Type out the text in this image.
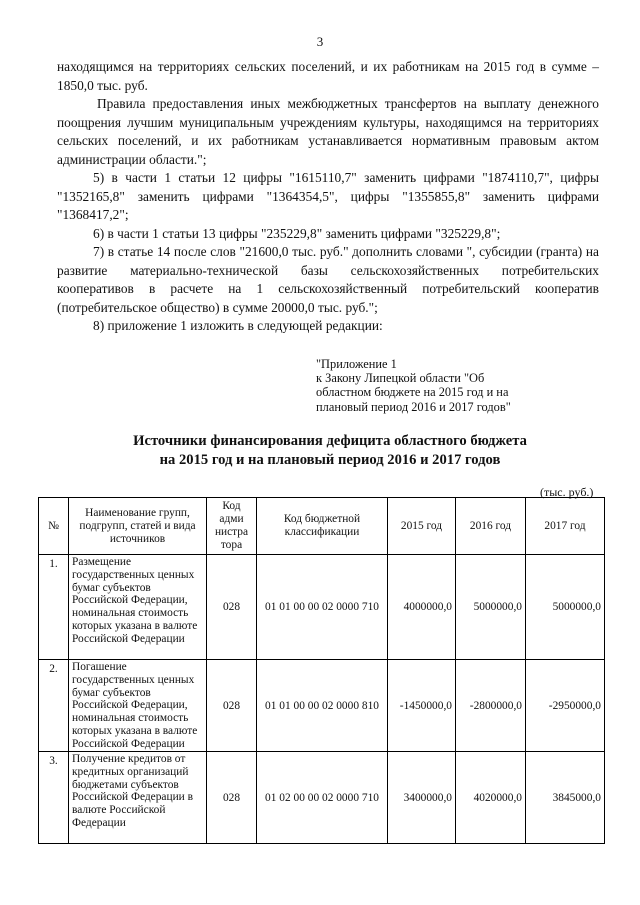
3

находящимся на территориях сельских поселений, и их работникам на 2015 год в сумме – 1850,0 тыс. руб.

Правила предоставления иных межбюджетных трансфертов на выплату денежного поощрения лучшим муниципальным учреждениям культуры, находящимся на территориях сельских поселений, и их работникам устанавливается нормативным правовым актом администрации области.";

5) в части 1 статьи 12 цифры "1615110,7" заменить цифрами "1874110,7", цифры "1352165,8" заменить цифрами "1364354,5", цифры "1355855,8" заменить цифрами "1368417,2";

6) в части 1 статьи 13 цифры "235229,8" заменить цифрами "325229,8";

7) в статье 14 после слов "21600,0 тыс. руб." дополнить словами ", субсидии (гранта) на развитие материально-технической базы сельскохозяйственных потребительских кооперативов в расчете на 1 сельскохозяйственный потребительский кооператив (потребительское общество) в сумме 20000,0 тыс. руб.";

8) приложение 1 изложить в следующей редакции:

"Приложение 1
к Закону Липецкой области "Об
областном бюджете на 2015 год и на
плановый период 2016 и 2017 годов"
Источники финансирования дефицита областного бюджета
на 2015 год и на плановый период 2016 и 2017 годов
(тыс. руб.)
№	Наименование групп, подгрупп, статей и вида источников	Код адми нистра тора	Код бюджетной классификации	2015 год	2016 год	2017 год
1.	Размещение государственных ценных бумаг субъектов Российской Федерации, номинальная стоимость которых указана в валюте Российской Федерации	028	01 01 00 00 02 0000 710	4000000,0	5000000,0	5000000,0
2.	Погашение государственных ценных бумаг субъектов Российской Федерации, номинальная стоимость которых указана в валюте Российской Федерации	028	01 01 00 00 02 0000 810	-1450000,0	-2800000,0	-2950000,0
3.	Получение кредитов от кредитных организаций бюджетами субъектов Российской Федерации в валюте Российской Федерации	028	01 02 00 00 02 0000 710	3400000,0	4020000,0	3845000,0
